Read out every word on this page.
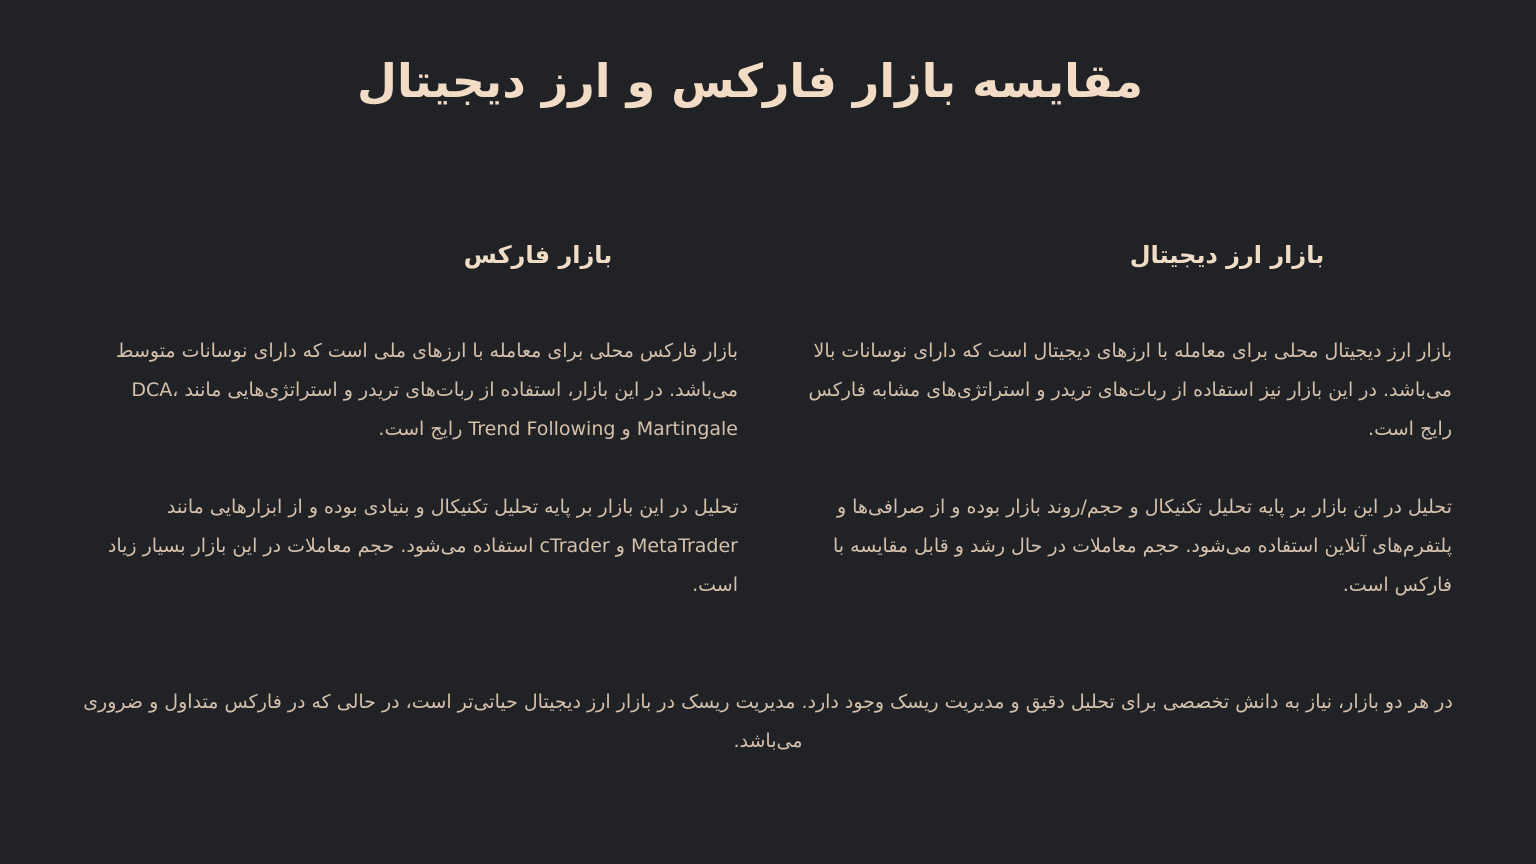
مقایسه بازار فارکس و ارز دیجیتال
بازار ارز دیجیتال

بازار ارز دیجیتال محلی برای معامله با ارزهای دیجیتال است که دارای نوسانات بالا می‌باشد. در این بازار نیز استفاده از ربات‌های تریدر و استراتژی‌های مشابه فارکس رایج است.

تحلیل در این بازار بر پایه تحلیل تکنیکال و حجم/روند بازار بوده و از صرافی‌ها و پلتفرم‌های آنلاین استفاده می‌شود. حجم معاملات در حال رشد و قابل مقایسه با فارکس است.

بازار فارکس

بازار فارکس محلی برای معامله با ارزهای ملی است که دارای نوسانات متوسط می‌باشد. در این بازار، استفاده از ربات‌های تریدر و استراتژی‌هایی مانند DCA، Martingale و Trend Following رایج است.

تحلیل در این بازار بر پایه تحلیل تکنیکال و بنیادی بوده و از ابزارهایی مانند MetaTrader و cTrader استفاده می‌شود. حجم معاملات در این بازار بسیار زیاد است.

در هر دو بازار، نیاز به دانش تخصصی برای تحلیل دقیق و مدیریت ریسک وجود دارد. مدیریت ریسک در بازار ارز دیجیتال حیاتی‌تر است، در حالی که در فارکس متداول و ضروری می‌باشد.
